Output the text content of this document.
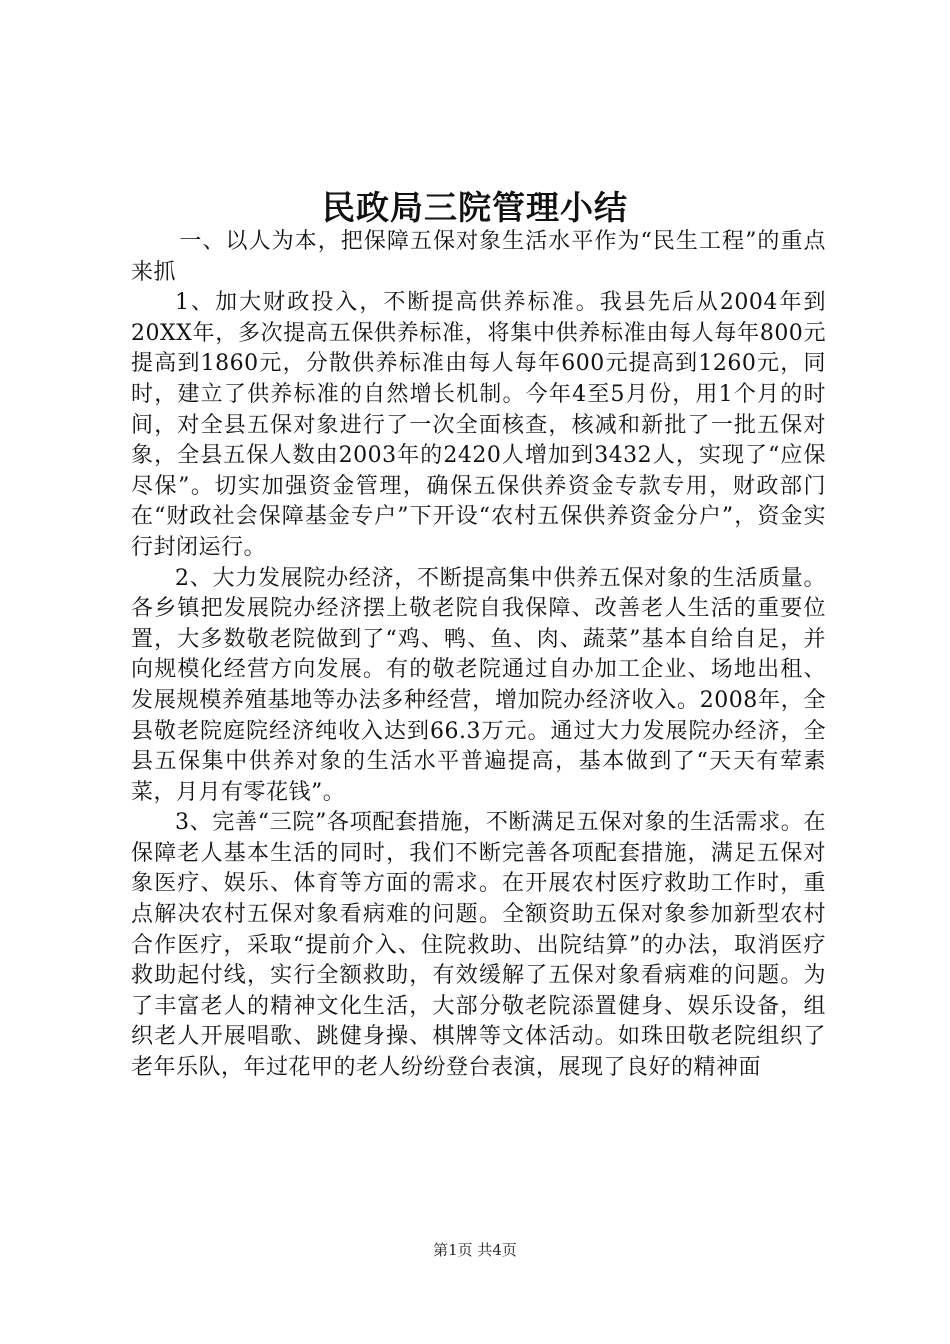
民政局三院管理小结

一、以人为本，把保障五保对象生活水平作为“民生工程”的重点来抓

1、加大财政投入，不断提高供养标准。我县先后从2004年到20XX年，多次提高五保供养标准，将集中供养标准由每人每年800元提高到1860元，分散供养标准由每人每年600元提高到1260元，同时，建立了供养标准的自然增长机制。今年4至5月份，用1个月的时间，对全县五保对象进行了一次全面核查，核减和新批了一批五保对象，全县五保人数由2003年的2420人增加到3432人，实现了“应保尽保”。切实加强资金管理，确保五保供养资金专款专用，财政部门在“财政社会保障基金专户”下开设“农村五保供养资金分户”，资金实行封闭运行。

2、大力发展院办经济，不断提高集中供养五保对象的生活质量。各乡镇把发展院办经济摆上敬老院自我保障、改善老人生活的重要位置，大多数敬老院做到了“鸡、鸭、鱼、肉、蔬菜”基本自给自足，并向规模化经营方向发展。有的敬老院通过自办加工企业、场地出租、发展规模养殖基地等办法多种经营，增加院办经济收入。2008年，全县敬老院庭院经济纯收入达到66.3万元。通过大力发展院办经济，全县五保集中供养对象的生活水平普遍提高，基本做到了“天天有荤素菜，月月有零花钱”。

3、完善“三院”各项配套措施，不断满足五保对象的生活需求。在保障老人基本生活的同时，我们不断完善各项配套措施，满足五保对象医疗、娱乐、体育等方面的需求。在开展农村医疗救助工作时，重点解决农村五保对象看病难的问题。全额资助五保对象参加新型农村合作医疗，采取“提前介入、住院救助、出院结算”的办法，取消医疗救助起付线，实行全额救助，有效缓解了五保对象看病难的问题。为了丰富老人的精神文化生活，大部分敬老院添置健身、娱乐设备，组织老人开展唱歌、跳健身操、棋牌等文体活动。如珠田敬老院组织了老年乐队，年过花甲的老人纷纷登台表演，展现了良好的精神面

第1页 共4页
